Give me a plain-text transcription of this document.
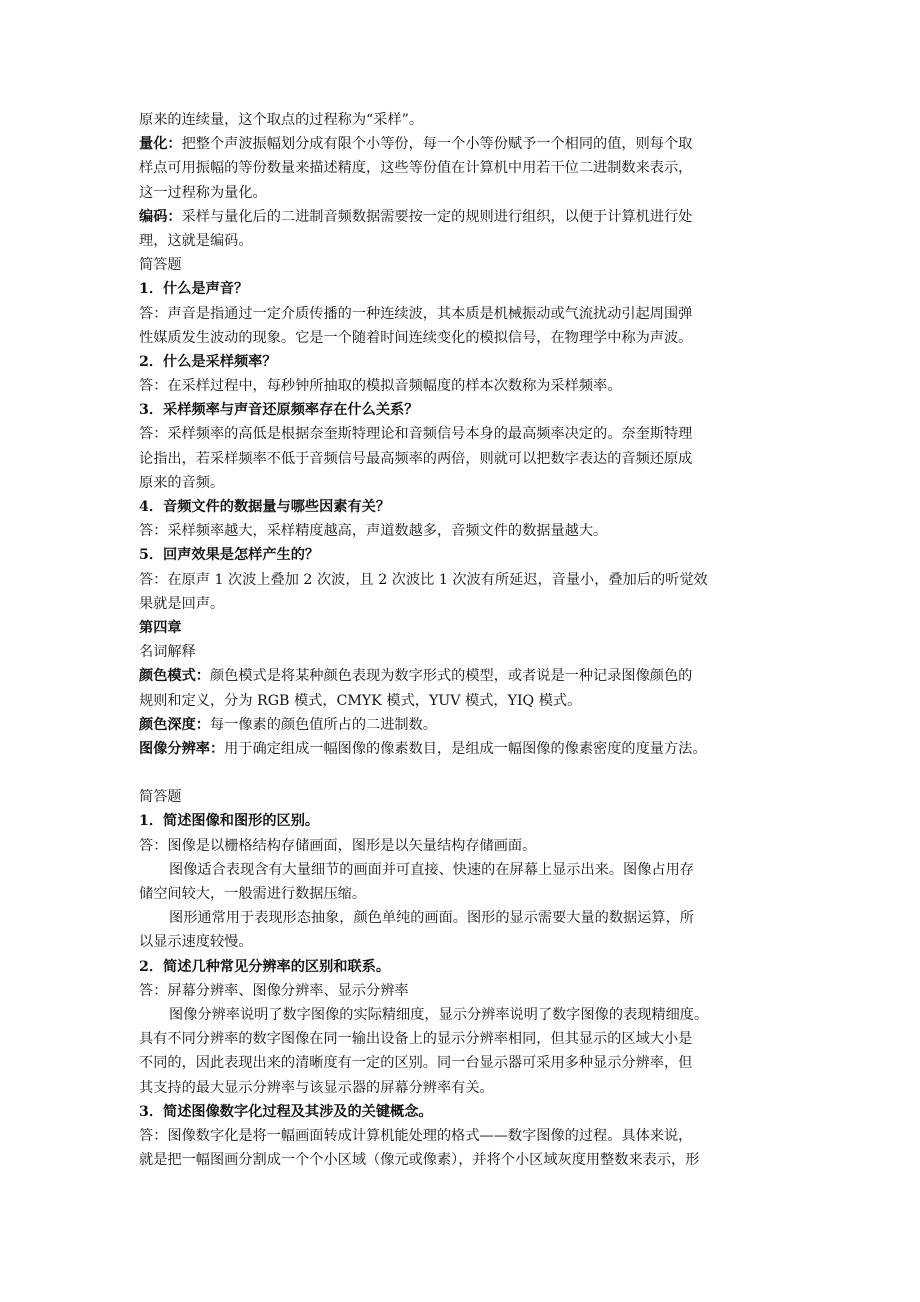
原来的连续量，这个取点的过程称为“采样”。
量化：把整个声波振幅划分成有限个小等份，每一个小等份赋予一个相同的值，则每个取
样点可用振幅的等份数量来描述精度，这些等份值在计算机中用若干位二进制数来表示，
这一过程称为量化。
编码：采样与量化后的二进制音频数据需要按一定的规则进行组织，以便于计算机进行处
理，这就是编码。
简答题
1．什么是声音？
答：声音是指通过一定介质传播的一种连续波，其本质是机械振动或气流扰动引起周围弹
性媒质发生波动的现象。它是一个随着时间连续变化的模拟信号，在物理学中称为声波。
2．什么是采样频率？
答：在采样过程中，每秒钟所抽取的模拟音频幅度的样本次数称为采样频率。
3．采样频率与声音还原频率存在什么关系？
答：采样频率的高低是根据奈奎斯特理论和音频信号本身的最高频率决定的。奈奎斯特理
论指出，若采样频率不低于音频信号最高频率的两倍，则就可以把数字表达的音频还原成
原来的音频。
4．音频文件的数据量与哪些因素有关？
答：采样频率越大，采样精度越高，声道数越多，音频文件的数据量越大。
5．回声效果是怎样产生的？
答：在原声 1 次波上叠加 2 次波，且 2 次波比 1 次波有所延迟，音量小，叠加后的听觉效
果就是回声。
第四章
名词解释
颜色模式：颜色模式是将某种颜色表现为数字形式的模型，或者说是一种记录图像颜色的
规则和定义，分为 RGB 模式，CMYK 模式，YUV 模式，YIQ 模式。
颜色深度：每一像素的颜色值所占的二进制数。
图像分辨率：用于确定组成一幅图像的像素数目，是组成一幅图像的像素密度的度量方法。
简答题
1．简述图像和图形的区别。
答：图像是以栅格结构存储画面，图形是以矢量结构存储画面。
图像适合表现含有大量细节的画面并可直接、快速的在屏幕上显示出来。图像占用存
储空间较大，一般需进行数据压缩。
图形通常用于表现形态抽象，颜色单纯的画面。图形的显示需要大量的数据运算，所
以显示速度较慢。
2．简述几种常见分辨率的区别和联系。
答：屏幕分辨率、图像分辨率、显示分辨率
图像分辨率说明了数字图像的实际精细度，显示分辨率说明了数字图像的表现精细度。
具有不同分辨率的数字图像在同一输出设备上的显示分辨率相同，但其显示的区域大小是
不同的，因此表现出来的清晰度有一定的区别。同一台显示器可采用多种显示分辨率，但
其支持的最大显示分辨率与该显示器的屏幕分辨率有关。
3．简述图像数字化过程及其涉及的关键概念。
答：图像数字化是将一幅画面转成计算机能处理的格式——数字图像的过程。具体来说，
就是把一幅图画分割成一个个小区域（像元或像素），并将个小区域灰度用整数来表示，形
